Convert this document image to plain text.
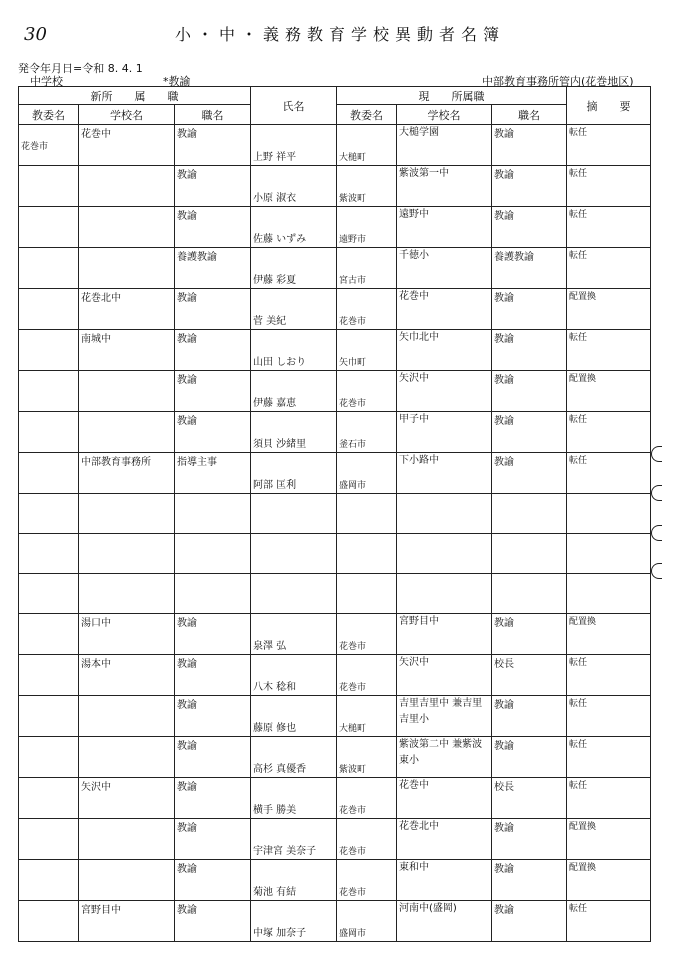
30	小・中・義務教育学校異動者名簿
発令年月日=令和 8. 4. 1
中学校	*教諭	中部教育事務所管内(花巻地区)
新所　　属　　職			氏名	現　　所属職			摘　　要
教委名	学校名	職名		教委名	学校名	職名	
花巻市	花巻中	教諭	上野 祥平	大槌町	大槌学園	教諭	転任
		教諭	小原 淑衣	紫波町	紫波第一中	教諭	転任
		教諭	佐藤 いずみ	遠野市	遠野中	教諭	転任
		養護教諭	伊藤 彩夏	宮古市	千徳小	養護教諭	転任
	花巻北中	教諭	菅 美紀	花巻市	花巻中	教諭	配置換
	南城中	教諭	山田 しおり	矢巾町	矢巾北中	教諭	転任
		教諭	伊藤 嘉恵	花巻市	矢沢中	教諭	配置換
		教諭	須貝 沙緒里	釜石市	甲子中	教諭	転任
	中部教育事務所	指導主事	阿部 匡利	盛岡市	下小路中	教諭	転任

	湯口中	教諭	泉澤 弘	花巻市	宮野目中	教諭	配置換
	湯本中	教諭	八木 稔和	花巻市	矢沢中	校長	転任
		教諭	藤原 修也	大槌町	吉里吉里中 兼吉里吉里小	教諭	転任
		教諭	高杉 真優香	紫波町	紫波第二中 兼紫波東小	教諭	転任
	矢沢中	教諭	横手 勝美	花巻市	花巻中	校長	転任
		教諭	宇津宮 美奈子	花巻市	花巻北中	教諭	配置換
		教諭	菊池 有結	花巻市	東和中	教諭	配置換
	宮野目中	教諭	中塚 加奈子	盛岡市	河南中(盛岡)	教諭	転任
